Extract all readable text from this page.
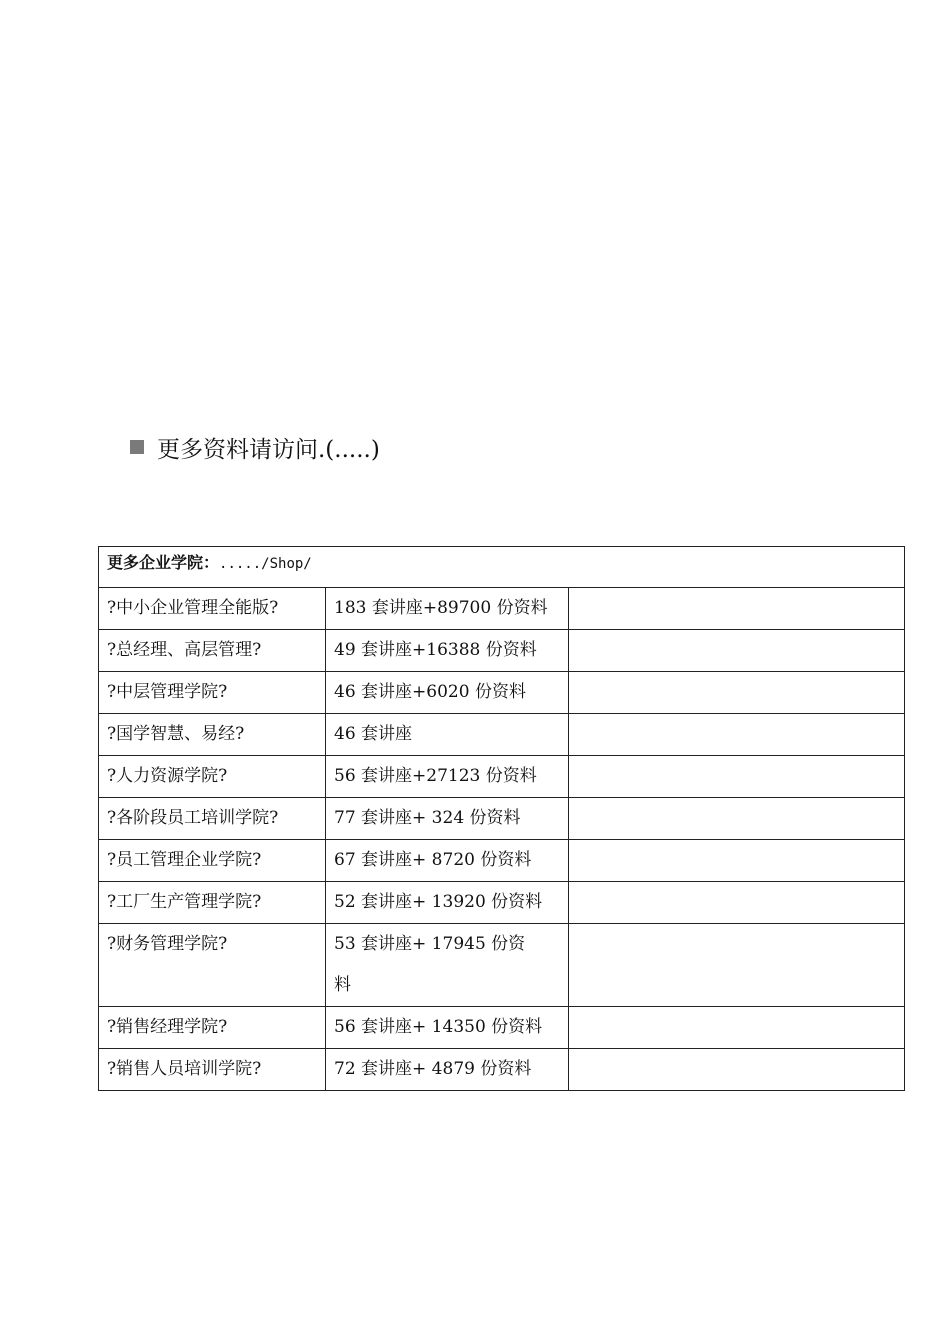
更多资料请访问.(.....)
更多企业学院：...../Shop/		
?中小企业管理全能版?	183 套讲座+89700 份资料	
?总经理、高层管理?	49 套讲座+16388 份资料	
?中层管理学院?	46 套讲座+6020 份资料	
?国学智慧、易经?	46 套讲座	
?人力资源学院?	56 套讲座+27123 份资料	
?各阶段员工培训学院?	77 套讲座+ 324 份资料	
?员工管理企业学院?	67 套讲座+ 8720 份资料	
?工厂生产管理学院?	52 套讲座+ 13920 份资料	
?财务管理学院?	53 套讲座+ 17945 份资料	
?销售经理学院?	56 套讲座+ 14350 份资料	
?销售人员培训学院?	72 套讲座+ 4879 份资料	
